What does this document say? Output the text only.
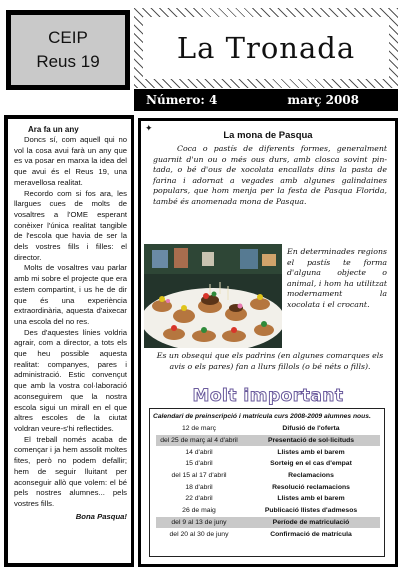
CEIP
Reus 19	La Tronada
Número: 4	març 2008
Ara fa un any

Doncs sí, com aquell qui no vol la cosa avui farà un any que es va posar en marxa la idea del que avui és el Reus 19, una meravellosa realitat.

Recordo com si fos ara, les llargues cues de molts de vosaltres a l'OME esperant conèixer l'única realitat tangible de l'escola que havia de ser la dels vostres fills i filles: el director.

Molts de vosaltres vau parlar amb mi sobre el projecte que era estem compartint, i us he de dir que és una experiència extraordinària, aquesta d'aixecar una escola del no res.

Des d'aquestes línies voldria agrair, com a director, a tots els que heu possible aquesta realitat: companyes, pares i administració. Estic convençut que amb la vostra col·laboració aconseguirem que la nostra escola sigui un mirall en el que altres escoles de la ciutat voldran veure-s'hi reflectides.

El treball només acaba de començar i ja hem assolit moltes fites, però no podem defallir; hem de seguir lluitant per aconseguir allò que volem: el bé pels nostres alumnes... pels vostres fills.

Bona Pasqua!

✦
La mona de Pasqua

Coca o pastís de diferents formes, generalment guarnit d'un ou o més ous durs, amb closca sovint pin-tada, o bé d'ous de xocolata encallats dins la pasta de farina i adornat a vegades amb algunes galindaines populars, que hom menja per la festa de Pasqua Florida, també és anomenada mona de Pasqua.

En determinades regions el pastís te forma d'alguna objecte o animal, i hom ha utilitzat modernament la xocolata i el crocant.

Es un obsequi que els padrins (en algunes comarques els avis o els pares) fan a llurs fillols (o bé néts o fills).

Molt important
Calendari de preinscripció i matrícula curs 2008-2009 alumnes nous.
12 de març	Difusió de l'oferta
del 25 de març al 4 d'abril	Presentació de sol·licituds
14 d'abril	Llistes amb el barem
15 d'abril	Sorteig en el cas d'empat
del 15 al 17 d'abril	Reclamacions
18 d'abril	Resolució reclamacions
22 d'abril	Llistes amb el barem
26 de maig	Publicació llistes d'admesos
del 9 al 13 de juny	Període de matriculació
del 20 al 30 de juny	Confirmació de matrícula
